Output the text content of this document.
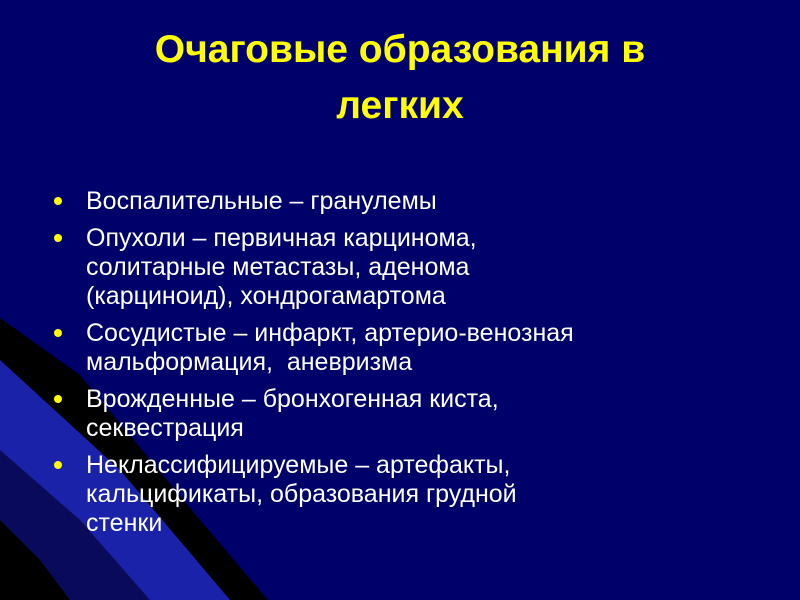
Очаговые образования в
легких
Воспалительные – гранулемы
Опухоли – первичная карцинома,
солитарные метастазы, аденома
(карциноид), хондрогамартома
Сосудистые – инфаркт, артерио-венозная
мальформация,  аневризма
Врожденные – бронхогенная киста,
секвестрация
Неклассифицируемые – артефакты,
кальцификаты, образования грудной
стенки
